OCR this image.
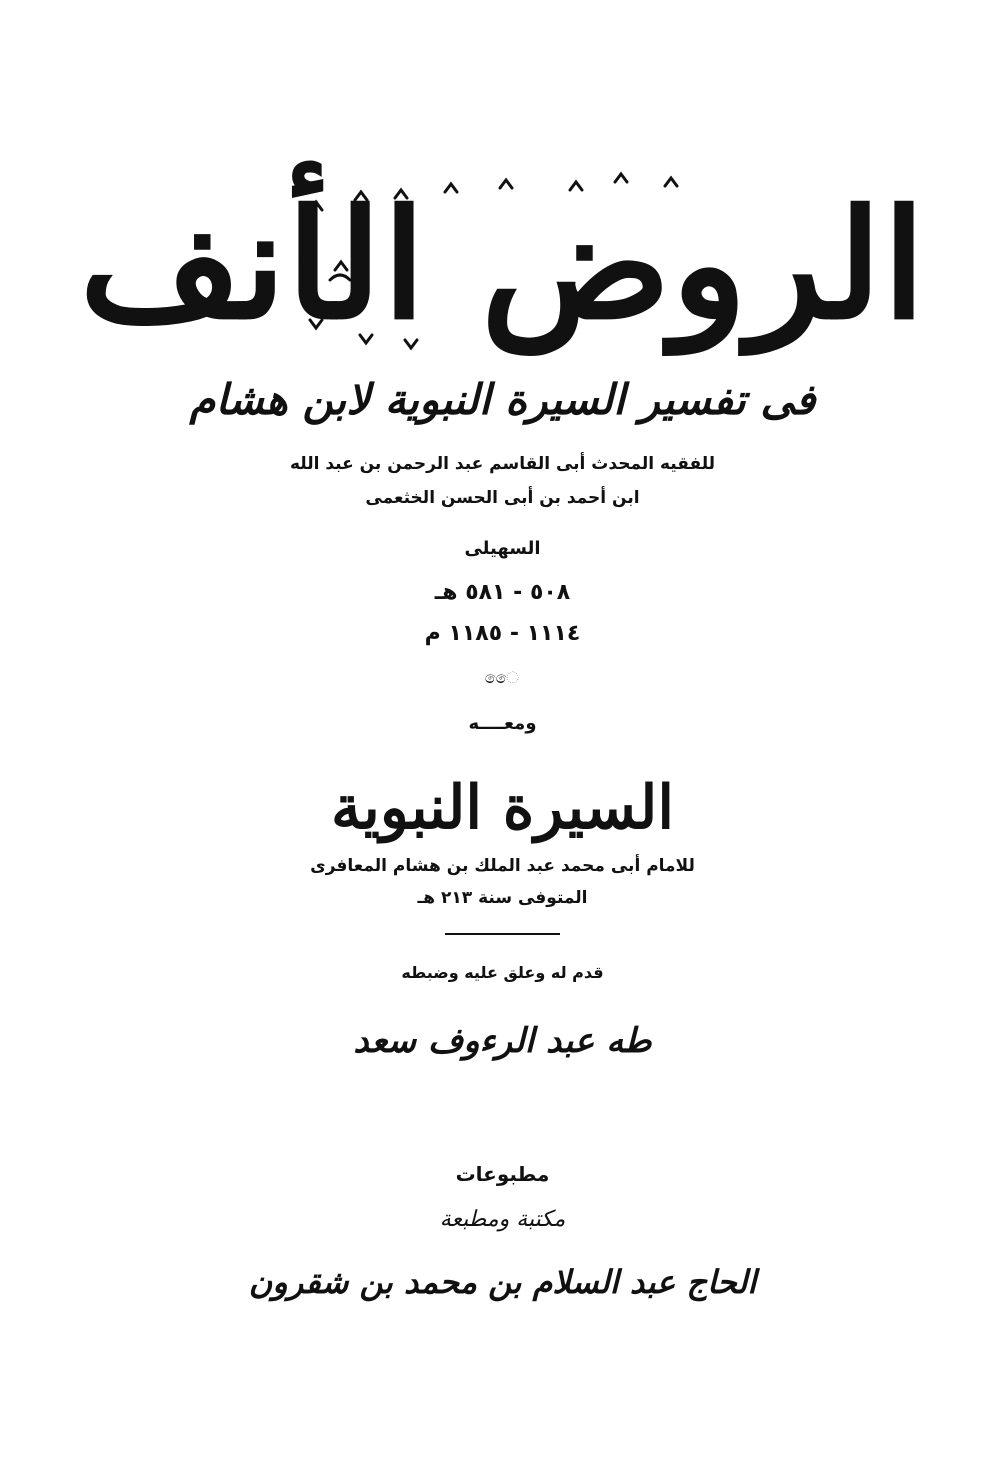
الروض الأنف
فى تفسير السيرة النبوية لابن هشام
للفقيه المحدث أبى القاسم عبد الرحمن بن عبد الله
ابن أحمد بن أبى الحسن الخثعمى
السهيلى
٥٠٨ - ٥٨١ هـ
١١١٤ - ١١٨٥ م
ෙෙ
ومعــــه
السيرة النبوية
للامام أبى محمد عبد الملك بن هشام المعافرى
المتوفى سنة ٢١٣ هـ
قدم له وعلق عليه وضبطه
طه عبد الرءوف سعد
مطبوعات
مكتبة ومطبعة
الحاج عبد السلام بن محمد بن شقرون
